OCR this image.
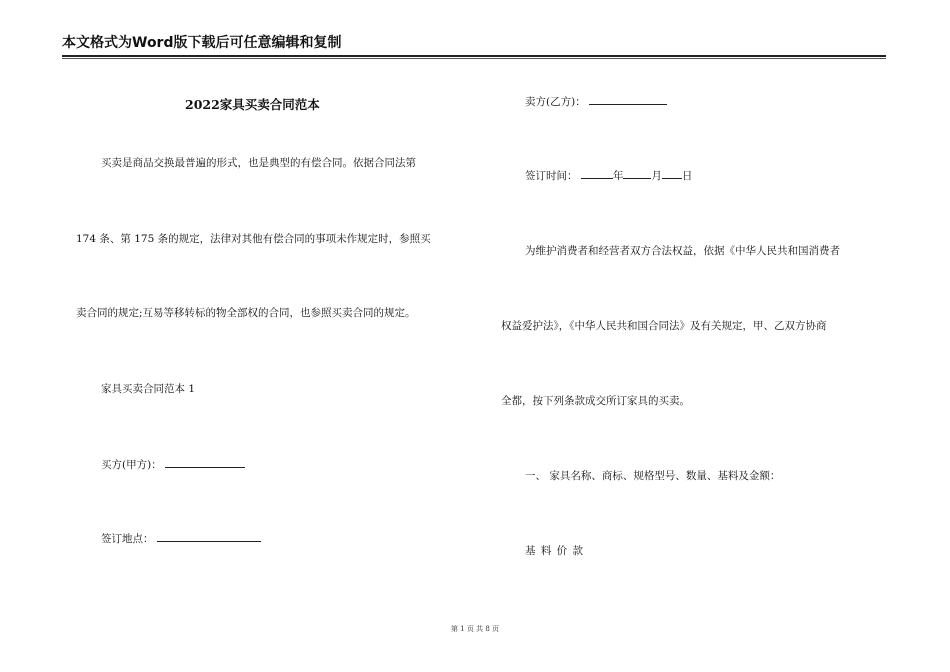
本文格式为Word版下载后可任意编辑和复制
2022家具买卖合同范本
买卖是商品交换最普遍的形式，也是典型的有偿合同。依据合同法第
174 条、第 175 条的规定，法律对其他有偿合同的事项未作规定时，参照买
卖合同的规定;互易等移转标的物全部权的合同，也参照买卖合同的规定。
家具买卖合同范本 1
买方(甲方)：
签订地点：
卖方(乙方)：
签订时间：	年	月 日
为维护消费者和经营者双方合法权益，依据《中华人民共和国消费者
权益爱护法》，《中华人民共和国合同法》及有关规定，甲、乙双方协商
全都，按下列条款成交所订家具的买卖。
一、 家具名称、商标、规格型号、数量、基料及金额：
基 料 价 款
第 1 页 共 8 页
